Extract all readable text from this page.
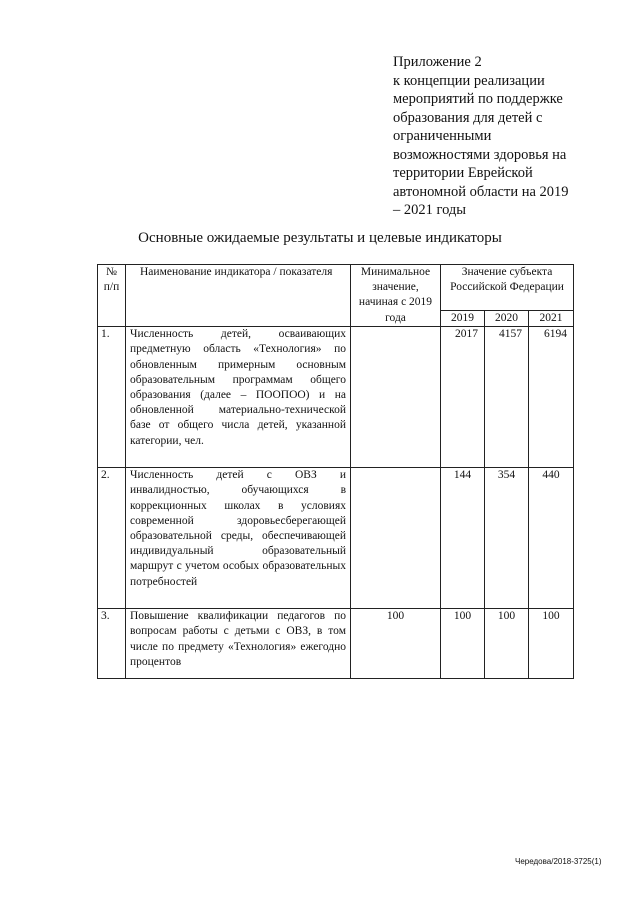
Приложение 2
к концепции реализации
мероприятий по поддержке
образования для детей с
ограниченными
возможностями здоровья на
территории Еврейской
автономной области на 2019
– 2021 годы
Основные ожидаемые результаты и целевые индикаторы
№ п/п	Наименование индикатора / показателя	Минимальное значение, начиная с 2019 года	Значение субъекта Российской Федерации		
			2019	2020	2021
1.	Численность детей, осваивающих предметную область «Технология» по обновленным примерным основным образовательным программам общего образования (далее – ПООПОО) и на обновленной материально-технической базе от общего числа детей, указанной категории, чел.		2017	4157	6194
2.	Численность детей с ОВЗ и инвалидностью, обучающихся в коррекционных школах в условиях современной здоровьесберегающей образовательной среды, обеспечивающей индивидуальный образовательный маршрут с учетом особых образовательных потребностей		144	354	440
3.	Повышение квалификации педагогов по вопросам работы с детьми с ОВЗ, в том числе по предмету «Технология» ежегодно процентов	100	100	100	100
Чередова/2018-3725(1)
